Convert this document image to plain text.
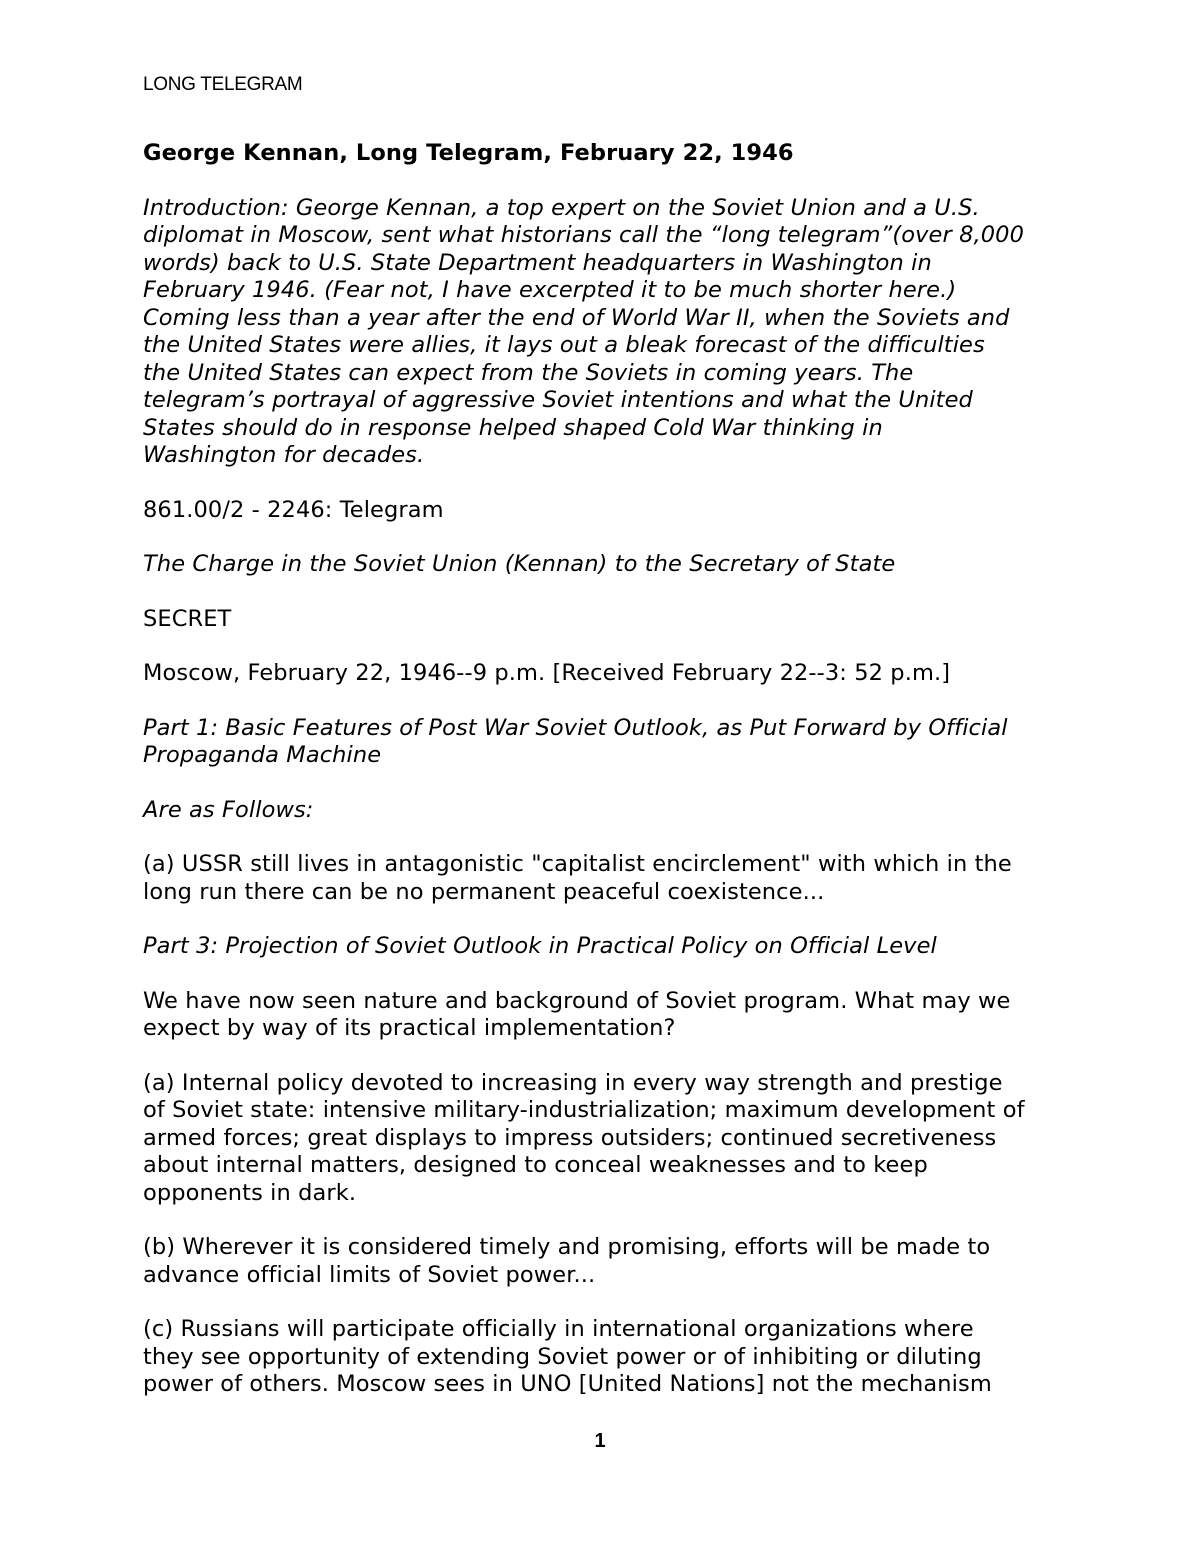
LONG TELEGRAM

George Kennan, Long Telegram, February 22, 1946

Introduction: George Kennan, a top expert on the Soviet Union and a U.S.
diplomat in Moscow, sent what historians call the “long telegram”(over 8,000
words) back to U.S. State Department headquarters in Washington in
February 1946. (Fear not, I have excerpted it to be much shorter here.)
Coming less than a year after the end of World War II, when the Soviets and
the United States were allies, it lays out a bleak forecast of the difficulties
the United States can expect from the Soviets in coming years. The
telegram’s portrayal of aggressive Soviet intentions and what the United
States should do in response helped shaped Cold War thinking in
Washington for decades.

861.00/2 - 2246: Telegram

The Charge in the Soviet Union (Kennan) to the Secretary of State

SECRET

Moscow, February 22, 1946--9 p.m. [Received February 22--3: 52 p.m.]

Part 1: Basic Features of Post War Soviet Outlook, as Put Forward by Official
Propaganda Machine

Are as Follows:

(a) USSR still lives in antagonistic "capitalist encirclement" with which in the
long run there can be no permanent peaceful coexistence...

Part 3: Projection of Soviet Outlook in Practical Policy on Official Level

We have now seen nature and background of Soviet program. What may we
expect by way of its practical implementation?

(a) Internal policy devoted to increasing in every way strength and prestige
of Soviet state: intensive military-industrialization; maximum development of
armed forces; great displays to impress outsiders; continued secretiveness
about internal matters, designed to conceal weaknesses and to keep
opponents in dark.

(b) Wherever it is considered timely and promising, efforts will be made to
advance official limits of Soviet power...

(c) Russians will participate officially in international organizations where
they see opportunity of extending Soviet power or of inhibiting or diluting
power of others. Moscow sees in UNO [United Nations] not the mechanism

1
